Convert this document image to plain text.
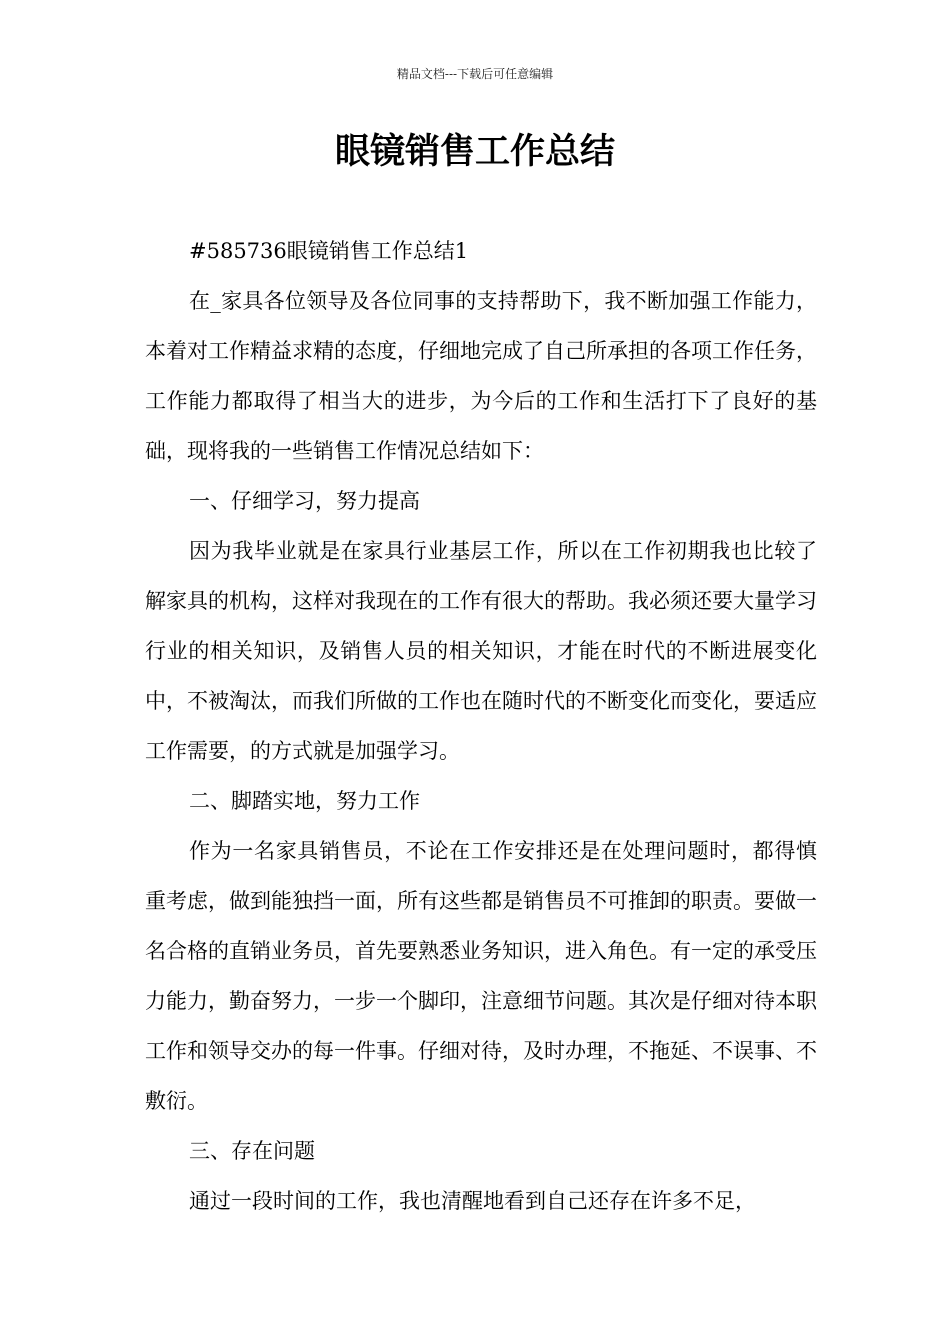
精品文档---下载后可任意编辑
眼镜销售工作总结

#585736眼镜销售工作总结1

在_家具各位领导及各位同事的支持帮助下，我不断加强工作能力，本着对工作精益求精的态度，仔细地完成了自己所承担的各项工作任务，工作能力都取得了相当大的进步，为今后的工作和生活打下了良好的基础，现将我的一些销售工作情况总结如下：

一、仔细学习，努力提高

因为我毕业就是在家具行业基层工作，所以在工作初期我也比较了解家具的机构，这样对我现在的工作有很大的帮助。我必须还要大量学习行业的相关知识，及销售人员的相关知识，才能在时代的不断进展变化中，不被淘汰，而我们所做的工作也在随时代的不断变化而变化，要适应工作需要，的方式就是加强学习。

二、脚踏实地，努力工作

作为一名家具销售员，不论在工作安排还是在处理问题时，都得慎重考虑，做到能独挡一面，所有这些都是销售员不可推卸的职责。要做一名合格的直销业务员，首先要熟悉业务知识，进入角色。有一定的承受压力能力，勤奋努力，一步一个脚印，注意细节问题。其次是仔细对待本职工作和领导交办的每一件事。仔细对待，及时办理，不拖延、不误事、不敷衍。

三、存在问题

通过一段时间的工作，我也清醒地看到自己还存在许多不足，
